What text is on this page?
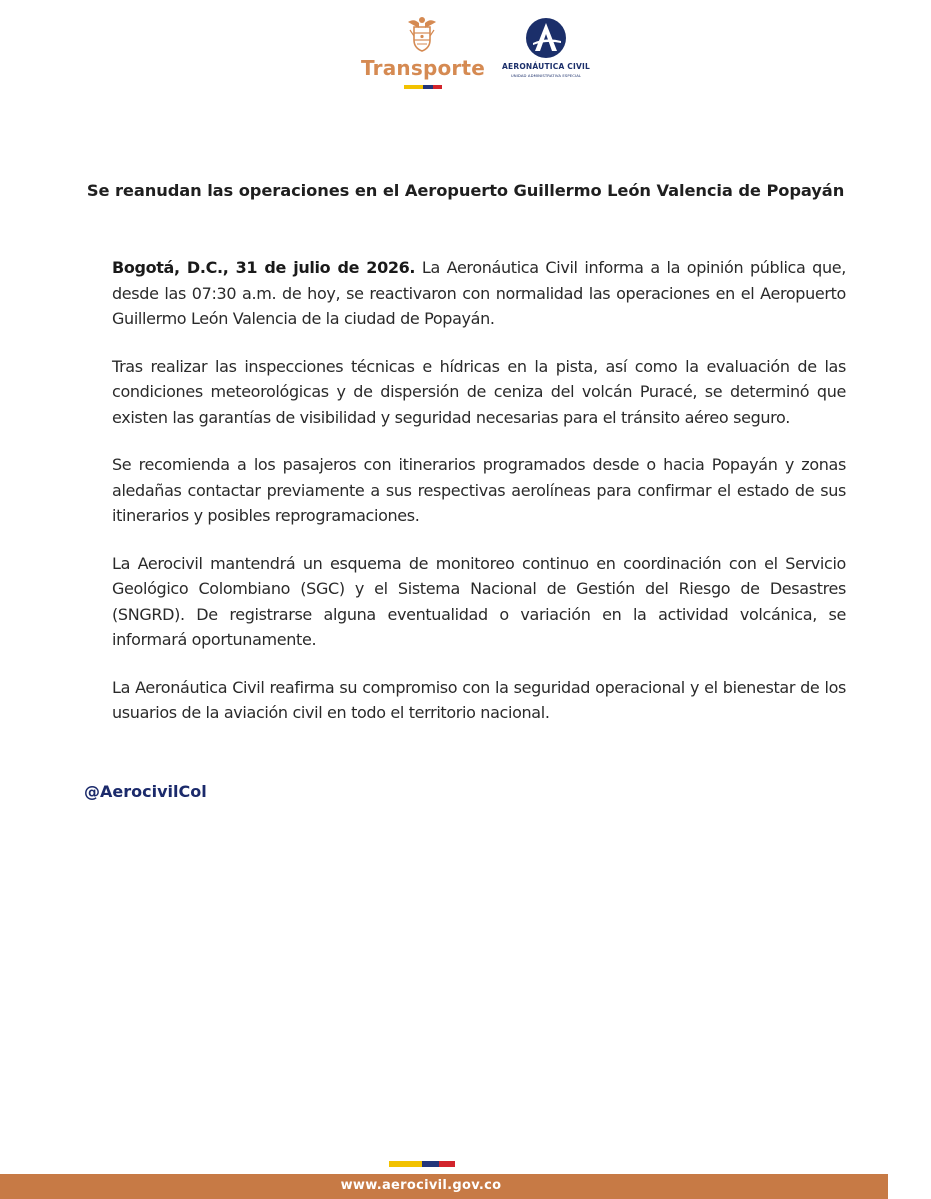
Transporte AERONÁUTICA CIVIL
UNIDAD ADMINISTRATIVA ESPECIAL
Se reanudan las operaciones en el Aeropuerto Guillermo León Valencia de Popayán

Bogotá, D.C., 31 de julio de 2026. La Aeronáutica Civil informa a la opinión pública que, desde las 07:30 a.m. de hoy, se reactivaron con normalidad las operaciones en el Aeropuerto Guillermo León Valencia de la ciudad de Popayán.

Tras realizar las inspecciones técnicas e hídricas en la pista, así como la evaluación de las condiciones meteorológicas y de dispersión de ceniza del volcán Puracé, se determinó que existen las garantías de visibilidad y seguridad necesarias para el tránsito aéreo seguro.

Se recomienda a los pasajeros con itinerarios programados desde o hacia Popayán y zonas aledañas contactar previamente a sus respectivas aerolíneas para confirmar el estado de sus itinerarios y posibles reprogramaciones.

La Aerocivil mantendrá un esquema de monitoreo continuo en coordinación con el Servicio Geológico Colombiano (SGC) y el Sistema Nacional de Gestión del Riesgo de Desastres (SNGRD). De registrarse alguna eventualidad o variación en la actividad volcánica, se informará oportunamente.

La Aeronáutica Civil reafirma su compromiso con la seguridad operacional y el bienestar de los usuarios de la aviación civil en todo el territorio nacional.

@AerocivilCol
www.aerocivil.gov.co
